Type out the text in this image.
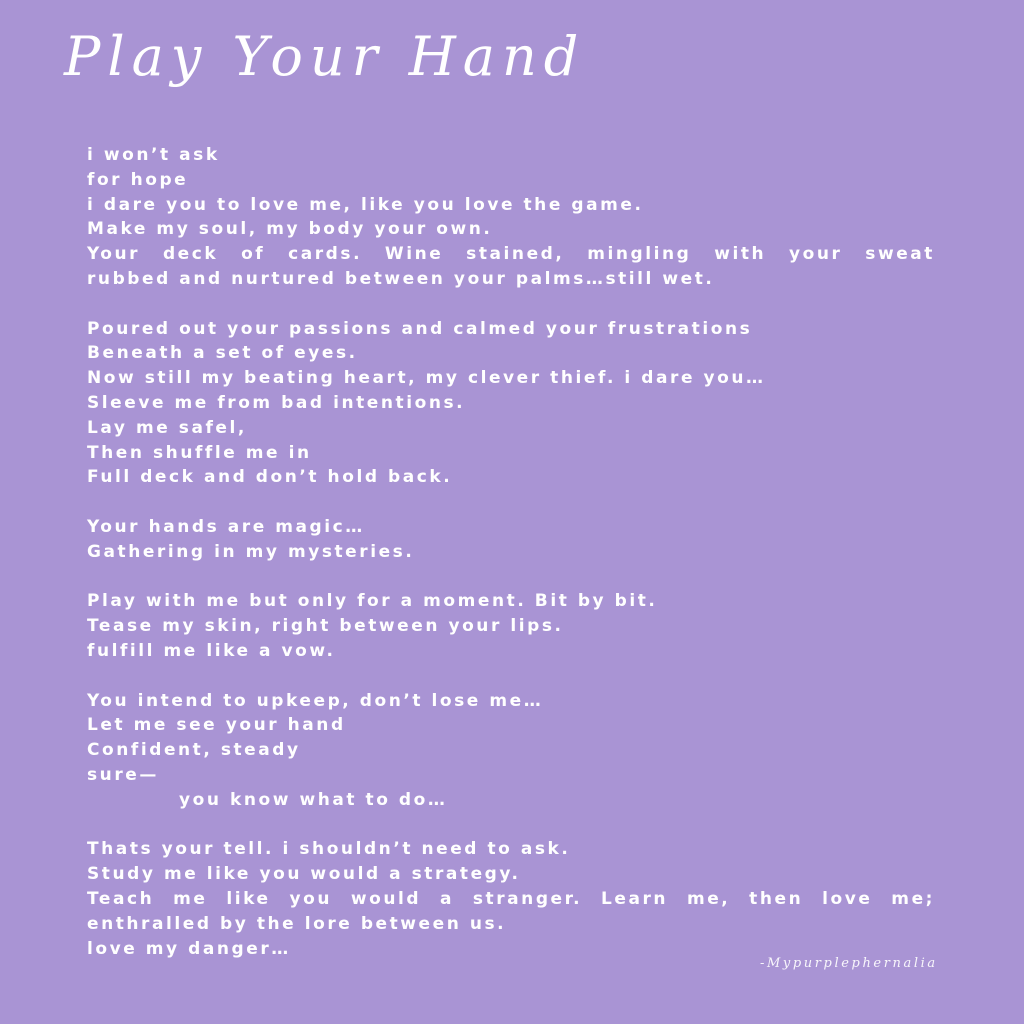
Play Your Hand
i won’t ask
for hope
i dare you to love me, like you love the game.
Make my soul, my body your own.
Your deck of cards. Wine stained, mingling with your sweat
rubbed and nurtured between your palms…still wet.
Poured out your passions and calmed your frustrations
Beneath a set of eyes.
Now still my beating heart, my clever thief. i dare you…
Sleeve me from bad intentions.
Lay me safel,
Then shuffle me in
Full deck and don’t hold back.
Your hands are magic…
Gathering in my mysteries.
Play with me but only for a moment. Bit by bit.
Tease my skin, right between your lips.
fulfill me like a vow.
You intend to upkeep, don’t lose me…
Let me see your hand
Confident, steady
sure—
you know what to do…
Thats your tell. i shouldn’t need to ask.
Study me like you would a strategy.
Teach me like you would a stranger. Learn me, then love me;
enthralled by the lore between us.
love my danger…
-Mypurplephernalia
